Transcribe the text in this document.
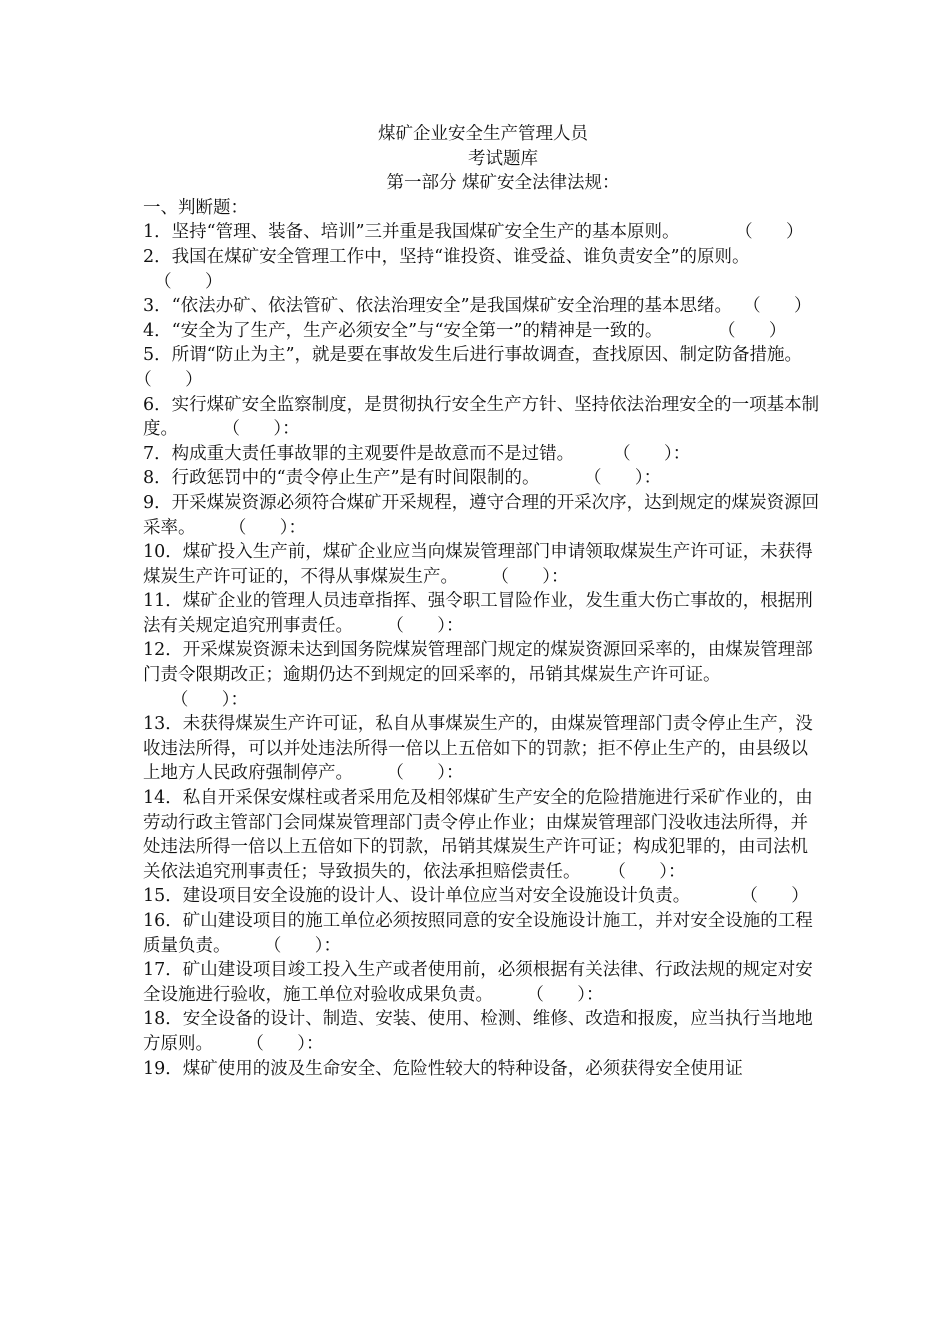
煤矿企业安全生产管理人员

考试题库

第一部分 煤矿安全法律法规：

一、判断题：

1．坚持“管理、装备、培训”三并重是我国煤矿安全生产的基本原则。          （      ）

2．我国在煤矿安全管理工作中，坚持“谁投资、谁受益、谁负责安全”的原则。  （      ）

3．“依法办矿、依法管矿、依法治理安全”是我国煤矿安全治理的基本思绪。  （      ）

4．“安全为了生产，生产必须安全”与“安全第一”的精神是一致的。          （      ）

5．所谓“防止为主”，就是要在事故发生后进行事故调查，查找原因、制定防备措施。（      ）

6．实行煤矿安全监察制度，是贯彻执行安全生产方针、坚持依法治理安全的一项基本制度。        （      ）：

7．构成重大责任事故罪的主观要件是故意而不是过错。       （      ）：

8．行政惩罚中的“责令停止生产”是有时间限制的。        （      ）：

9．开采煤炭资源必须符合煤矿开采规程，遵守合理的开采次序，达到规定的煤炭资源回采率。      （      ）：

10．煤矿投入生产前，煤矿企业应当向煤炭管理部门申请领取煤炭生产许可证，未获得煤炭生产许可证的，不得从事煤炭生产。      （      ）：

11．煤矿企业的管理人员违章指挥、强令职工冒险作业，发生重大伤亡事故的，根据刑法有关规定追究刑事责任。      （      ）：

12．开采煤炭资源未达到国务院煤炭管理部门规定的煤炭资源回采率的，由煤炭管理部门责令限期改正；逾期仍达不到规定的回采率的，吊销其煤炭生产许可证。     （      ）：

13．未获得煤炭生产许可证，私自从事煤炭生产的，由煤炭管理部门责令停止生产，没收违法所得，可以并处违法所得一倍以上五倍如下的罚款；拒不停止生产的，由县级以上地方人民政府强制停产。      （      ）：

14．私自开采保安煤柱或者采用危及相邻煤矿生产安全的危险措施进行采矿作业的，由劳动行政主管部门会同煤炭管理部门责令停止作业；由煤炭管理部门没收违法所得，并处违法所得一倍以上五倍如下的罚款，吊销其煤炭生产许可证；构成犯罪的，由司法机关依法追究刑事责任；导致损失的，依法承担赔偿责任。     （      ）：

15．建设项目安全设施的设计人、设计单位应当对安全设施设计负责。         （      ）

16．矿山建设项目的施工单位必须按照同意的安全设施设计施工，并对安全设施的工程质量负责。      （      ）：

17．矿山建设项目竣工投入生产或者使用前，必须根据有关法律、行政法规的规定对安全设施进行验收，施工单位对验收成果负责。      （      ）：

18．安全设备的设计、制造、安装、使用、检测、维修、改造和报废，应当执行当地地方原则。      （      ）：

19．煤矿使用的波及生命安全、危险性较大的特种设备，必须获得安全使用证
